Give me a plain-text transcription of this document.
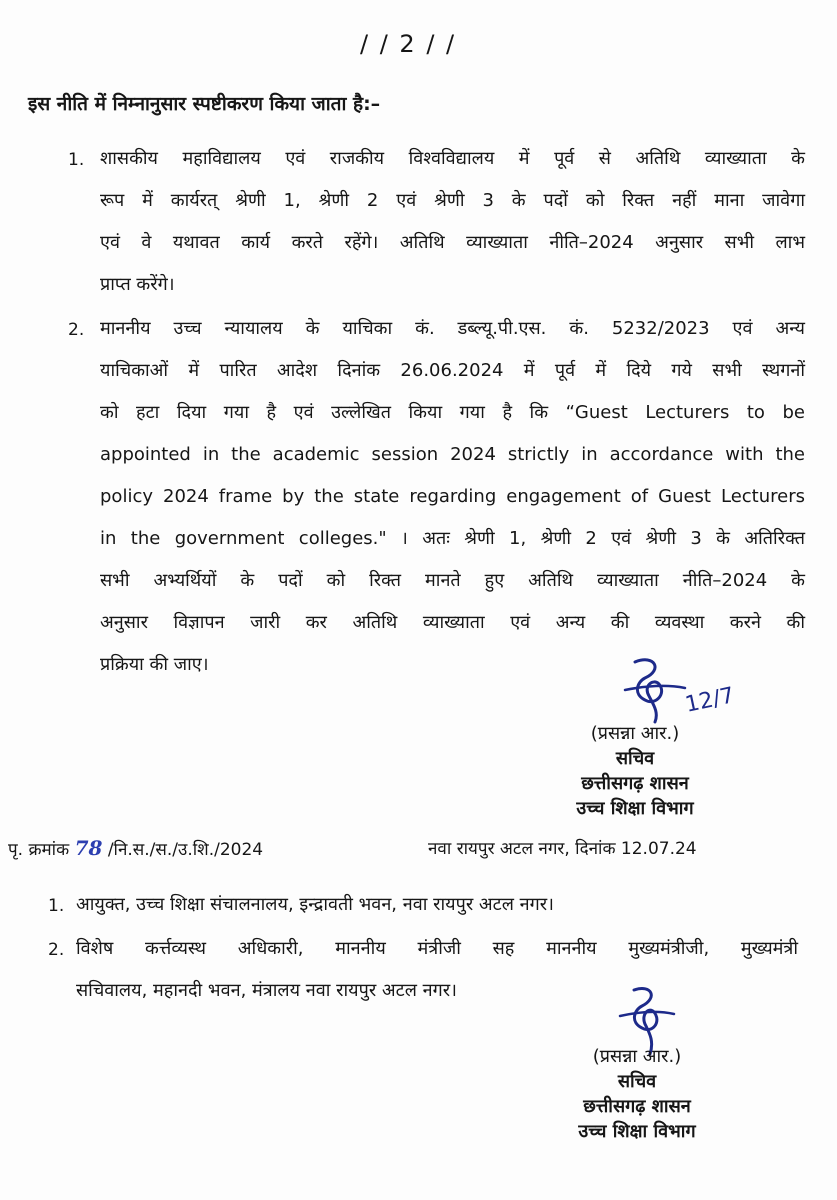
/ / 2 / /
इस नीति में निम्नानुसार स्पष्टीकरण किया जाता है:–
1. शासकीय महाविद्यालय एवं राजकीय विश्वविद्यालय में पूर्व से अतिथि व्याख्याता के
रूप में कार्यरत् श्रेणी 1, श्रेणी 2 एवं श्रेणी 3 के पदों को रिक्त नहीं माना जावेगा
एवं वे यथावत कार्य करते रहेंगे। अतिथि व्याख्याता नीति–2024 अनुसार सभी लाभ
प्राप्त करेंगे।
2. माननीय उच्च न्यायालय के याचिका कं. डब्ल्यू.पी.एस. कं. 5232/2023 एवं अन्य
याचिकाओं में पारित आदेश दिनांक 26.06.2024 में पूर्व में दिये गये सभी स्थगनों
को हटा दिया गया है एवं उल्लेखित किया गया है कि “Guest Lecturers to be
appointed in the academic session 2024 strictly in accordance with the
policy 2024 frame by the state regarding engagement of Guest Lecturers
in the government colleges." । अतः श्रेणी 1, श्रेणी 2 एवं श्रेणी 3 के अतिरिक्त
सभी अभ्यर्थियों के पदों को रिक्त मानते हुए अतिथि व्याख्याता नीति–2024 के
अनुसार विज्ञापन जारी कर अतिथि व्याख्याता एवं अन्य की व्यवस्था करने की
प्रक्रिया की जाए।
12/7
(प्रसन्ना आर.)
सचिव
छत्तीसगढ़ शासन
उच्च शिक्षा विभाग
पृ. क्रमांक 78 /नि.स./स./उ.शि./2024	नवा रायपुर अटल नगर, दिनांक 12.07.24
1. आयुक्त, उच्च शिक्षा संचालनालय, इन्द्रावती भवन, नवा रायपुर अटल नगर।
2. विशेष कर्त्तव्यस्थ अधिकारी, माननीय मंत्रीजी सह माननीय मुख्यमंत्रीजी, मुख्यमंत्री
सचिवालय, महानदी भवन, मंत्रालय नवा रायपुर अटल नगर।
(प्रसन्ना आर.)
सचिव
छत्तीसगढ़ शासन
उच्च शिक्षा विभाग
